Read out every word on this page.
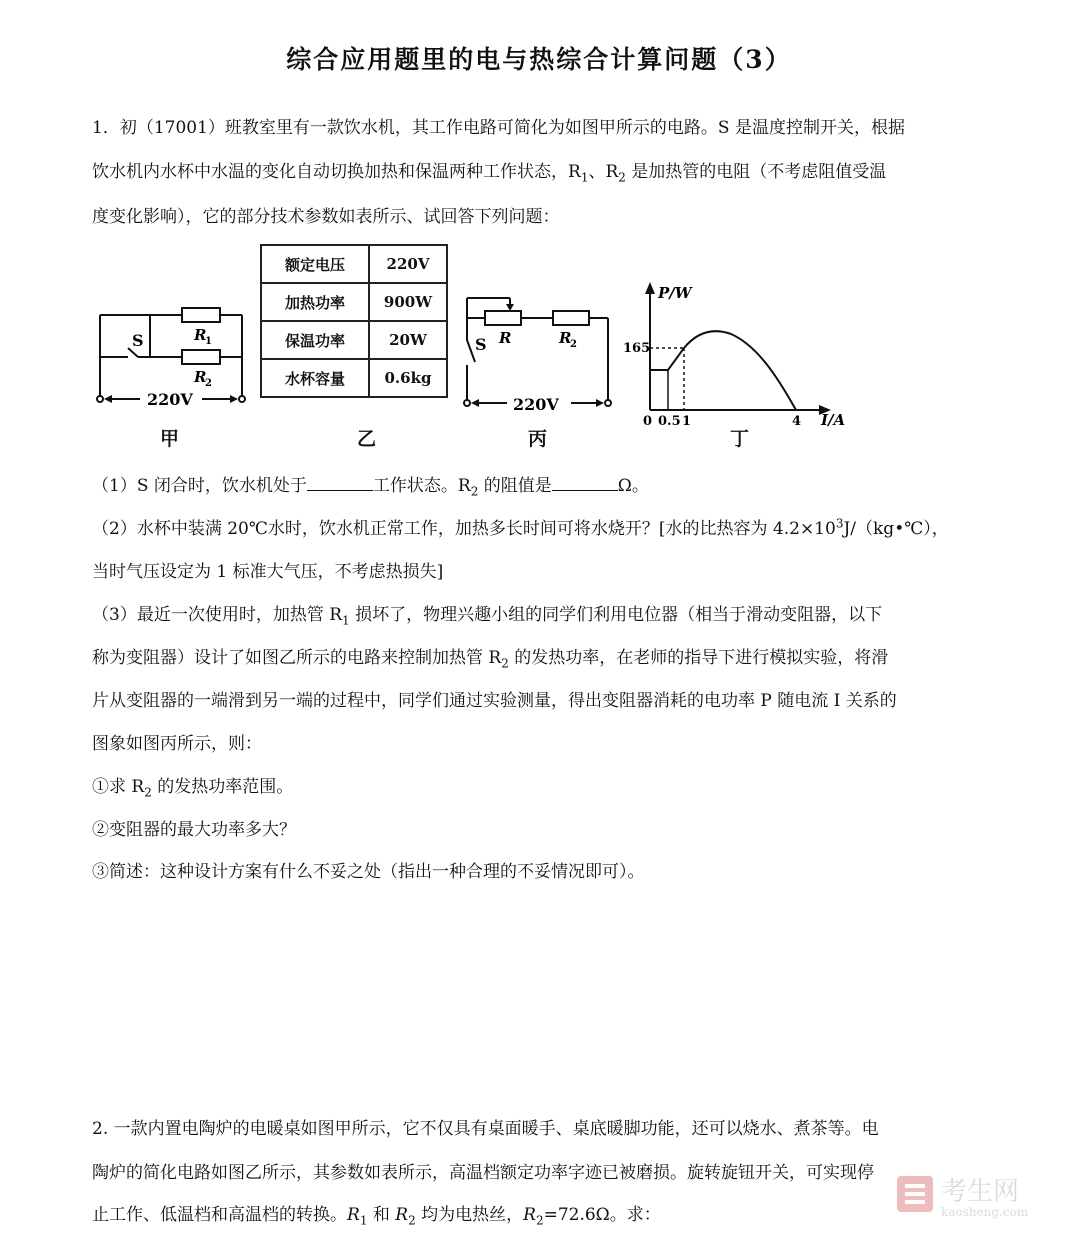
综合应用题里的电与热综合计算问题（3）
1．初（17001）班教室里有一款饮水机，其工作电路可简化为如图甲所示的电路。S 是温度控制开关，根据
饮水机内水杯中水温的变化自动切换加热和保温两种工作状态，$R_1$、$R_2$ 是加热管的电阻（不考虑阻值受温
度变化影响），它的部分技术参数如表所示、试回答下列问题：
S	R
1
R
2
220V
额定电压	220V
加热功率	900W
保温功率	20W
水杯容量	0.6kg
S R	R
2
220V
P/W
165
0 0.5 1	4 I/A
甲	乙	丙	丁
（1）S 闭合时，饮水机处于	工作状态。$R_2$ 的阻值是	Ω。
（2）水杯中装满 20℃水时，饮水机正常工作，加热多长时间可将水烧开？[水的比热容为 $4.2\times 10^3J/(kg•℃)$，
当时气压设定为 1 标准大气压，不考虑热损失]
（3）最近一次使用时，加热管 $R_1$ 损坏了，物理兴趣小组的同学们利用电位器（相当于滑动变阻器，以下
称为变阻器）设计了如图乙所示的电路来控制加热管 $R_2$ 的发热功率，在老师的指导下进行模拟实验，将滑
片从变阻器的一端滑到另一端的过程中，同学们通过实验测量，得出变阻器消耗的电功率 P 随电流 I 关系的
图象如图丙所示，则：
①求 $R_2$ 的发热功率范围。
②变阻器的最大功率多大？
③简述：这种设计方案有什么不妥之处（指出一种合理的不妥情况即可）。
2. 一款内置电陶炉的电暖桌如图甲所示，它不仅具有桌面暖手、桌底暖脚功能，还可以烧水、煮茶等。电
陶炉的简化电路如图乙所示，其参数如表所示，高温档额定功率字迹已被磨损。旋转旋钮开关，可实现停
止工作、低温档和高温档的转换。$R_1$ 和 $R_2$ 均为电热丝，$R_2=72.6\Omega$。求：
考生网
kaosheng.com
